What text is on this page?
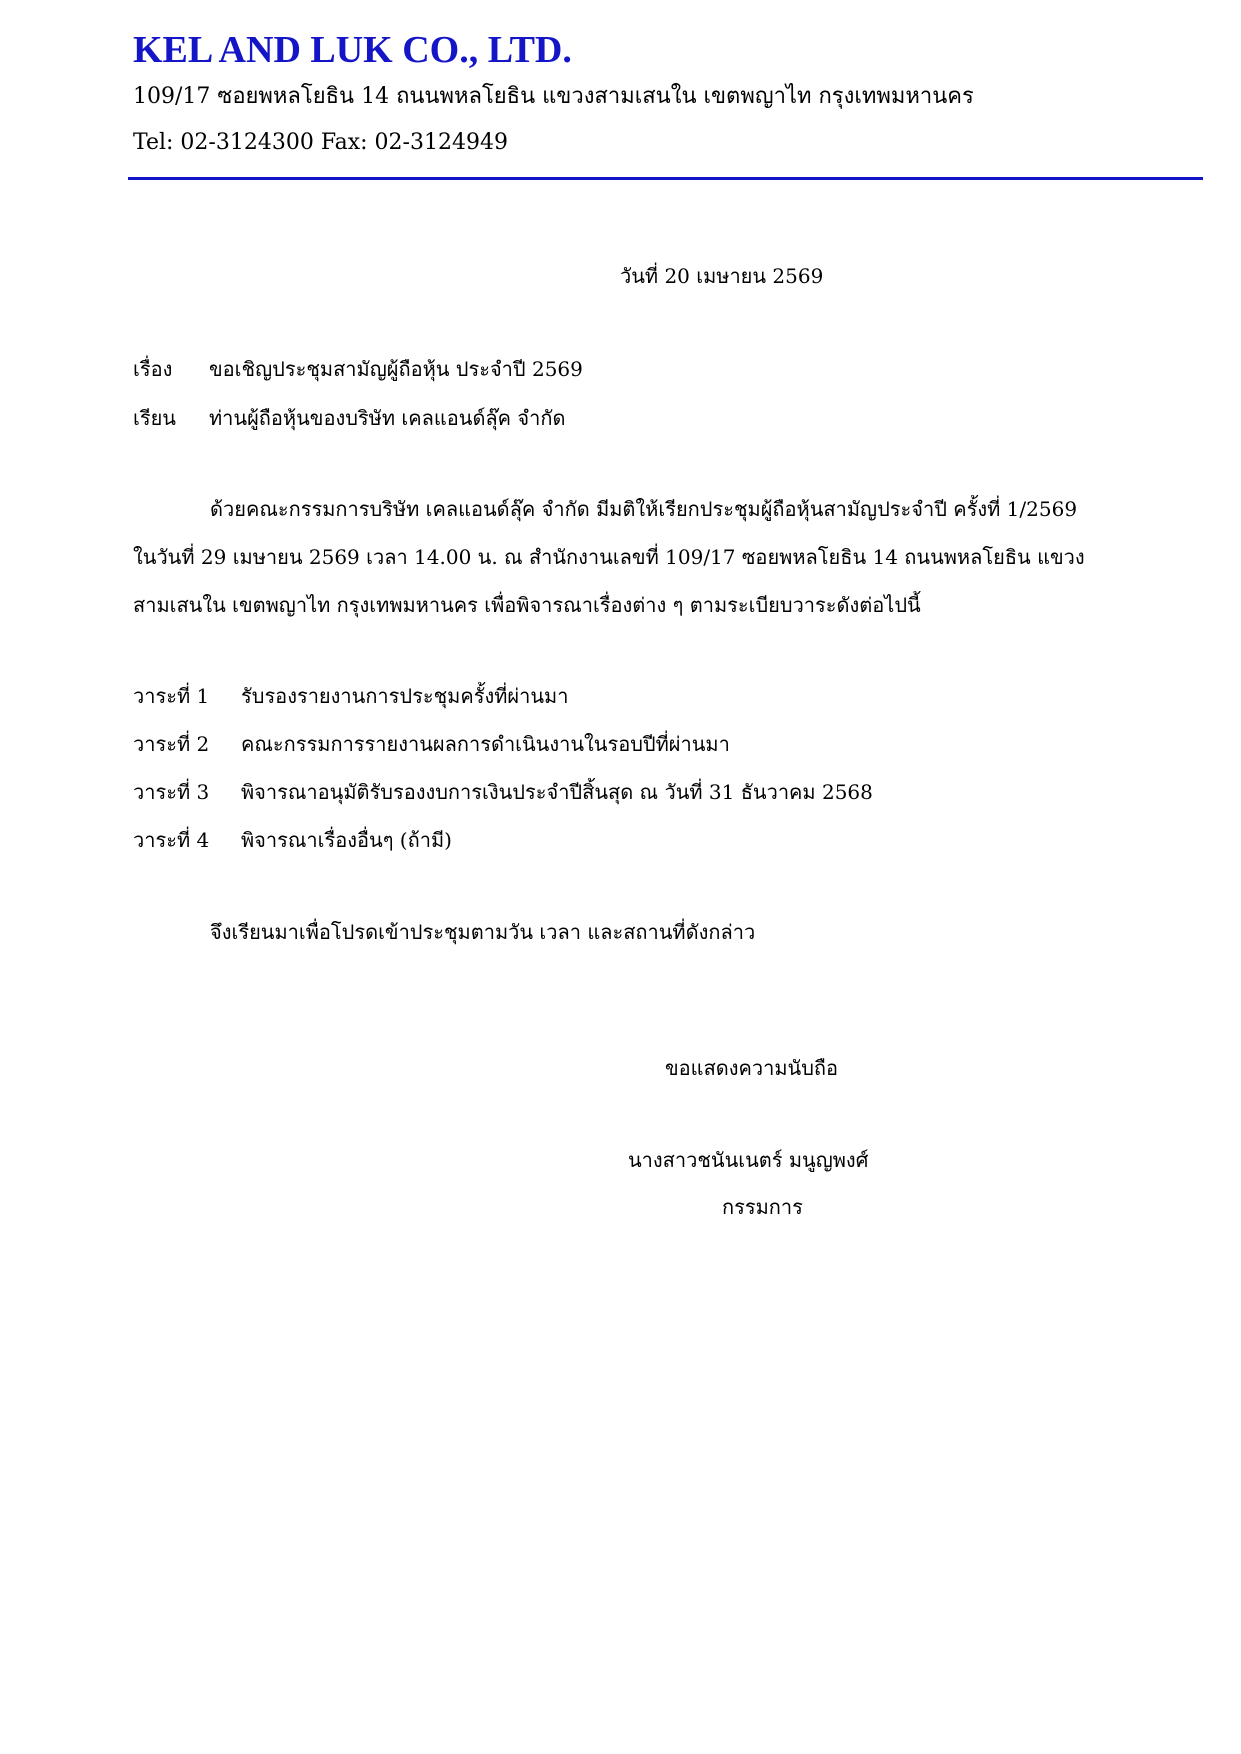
KEL AND LUK CO., LTD.
109/17 ซอยพหลโยธิน 14 ถนนพหลโยธิน แขวงสามเสนใน เขตพญาไท กรุงเทพมหานคร
Tel: 02-3124300 Fax: 02-3124949
วันที่ 20 เมษายน 2569
เรื่อง ขอเชิญประชุมสามัญผู้ถือหุ้น ประจำปี 2569
เรียน ท่านผู้ถือหุ้นของบริษัท เคลแอนด์ลุ๊ค จำกัด
ด้วยคณะกรรมการบริษัท เคลแอนด์ลุ๊ค จำกัด มีมติให้เรียกประชุมผู้ถือหุ้นสามัญประจำปี ครั้งที่ 1/2569
ในวันที่ 29 เมษายน 2569 เวลา 14.00 น. ณ สำนักงานเลขที่ 109/17 ซอยพหลโยธิน 14 ถนนพหลโยธิน แขวง
สามเสนใน เขตพญาไท กรุงเทพมหานคร เพื่อพิจารณาเรื่องต่าง ๆ ตามระเบียบวาระดังต่อไปนี้
วาระที่ 1 รับรองรายงานการประชุมครั้งที่ผ่านมา
วาระที่ 2 คณะกรรมการรายงานผลการดำเนินงานในรอบปีที่ผ่านมา
วาระที่ 3 พิจารณาอนุมัติรับรองงบการเงินประจำปีสิ้นสุด ณ วันที่ 31 ธันวาคม 2568
วาระที่ 4 พิจารณาเรื่องอื่นๆ (ถ้ามี)
จึงเรียนมาเพื่อโปรดเข้าประชุมตามวัน เวลา และสถานที่ดังกล่าว
ขอแสดงความนับถือ
นางสาวชนันเนตร์ มนูญพงศ์
กรรมการ
